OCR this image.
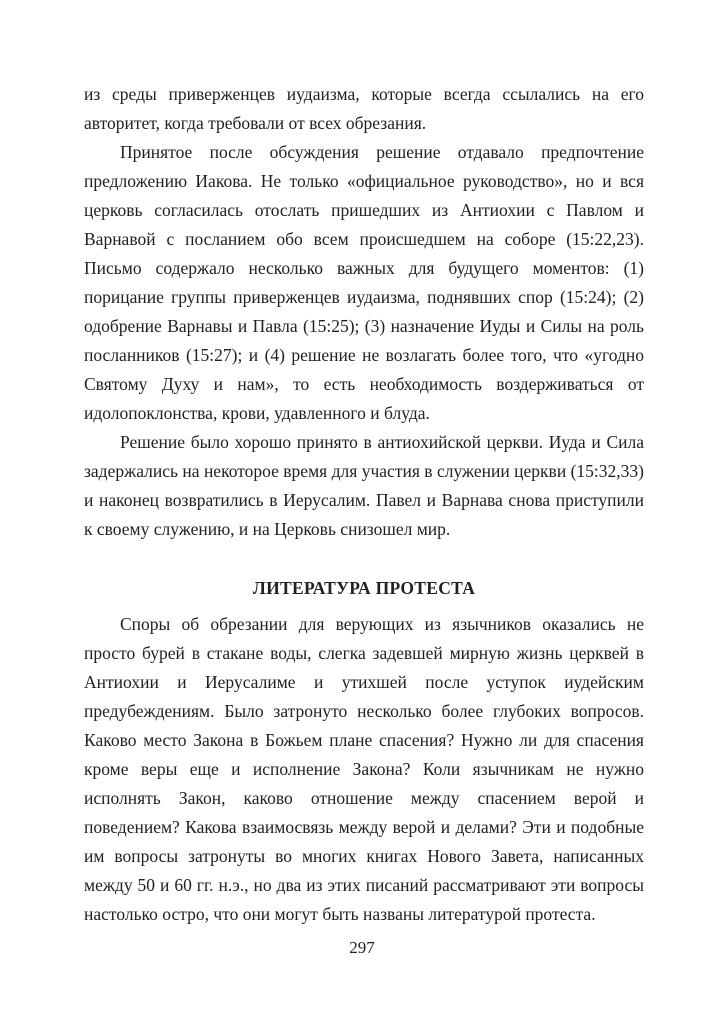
из среды приверженцев иудаизма, которые всегда ссылались на его авторитет, когда требовали от всех обрезания.

Принятое после обсуждения решение отдавало предпочтение предложению Иакова. Не только «официальное руководство», но и вся церковь согласилась отослать пришедших из Антиохии с Павлом и Варнавой с посланием обо всем происшедшем на соборе (15:22,23). Письмо содержало несколько важных для будущего моментов: (1) порицание группы приверженцев иудаизма, поднявших спор (15:24); (2) одобрение Варнавы и Павла (15:25); (3) назначение Иуды и Силы на роль посланников (15:27); и (4) решение не возлагать более того, что «угодно Святому Духу и нам», то есть необходимость воздерживаться от идолопоклонства, крови, удавленного и блуда.

Решение было хорошо принято в антиохийской церкви. Иуда и Сила задержались на некоторое время для участия в служении церкви (15:32,33) и наконец возвратились в Иерусалим. Павел и Варнава снова приступили к своему служению, и на Церковь снизошел мир.

ЛИТЕРАТУРА ПРОТЕСТА

Споры об обрезании для верующих из язычников оказались не просто бурей в стакане воды, слегка задевшей мирную жизнь церквей в Антиохии и Иерусалиме и утихшей после уступок иудейским предубеждениям. Было затронуто несколько более глубоких вопросов. Каково место Закона в Божьем плане спасения? Нужно ли для спасения кроме веры еще и исполнение Закона? Коли язычникам не нужно исполнять Закон, каково отношение между спасением верой и поведением? Какова взаимосвязь между верой и делами? Эти и подобные им вопросы затронуты во многих книгах Нового Завета, написанных между 50 и 60 гг. н.э., но два из этих писаний рассматривают эти вопросы настолько остро, что они могут быть названы литературой протеста.

297
